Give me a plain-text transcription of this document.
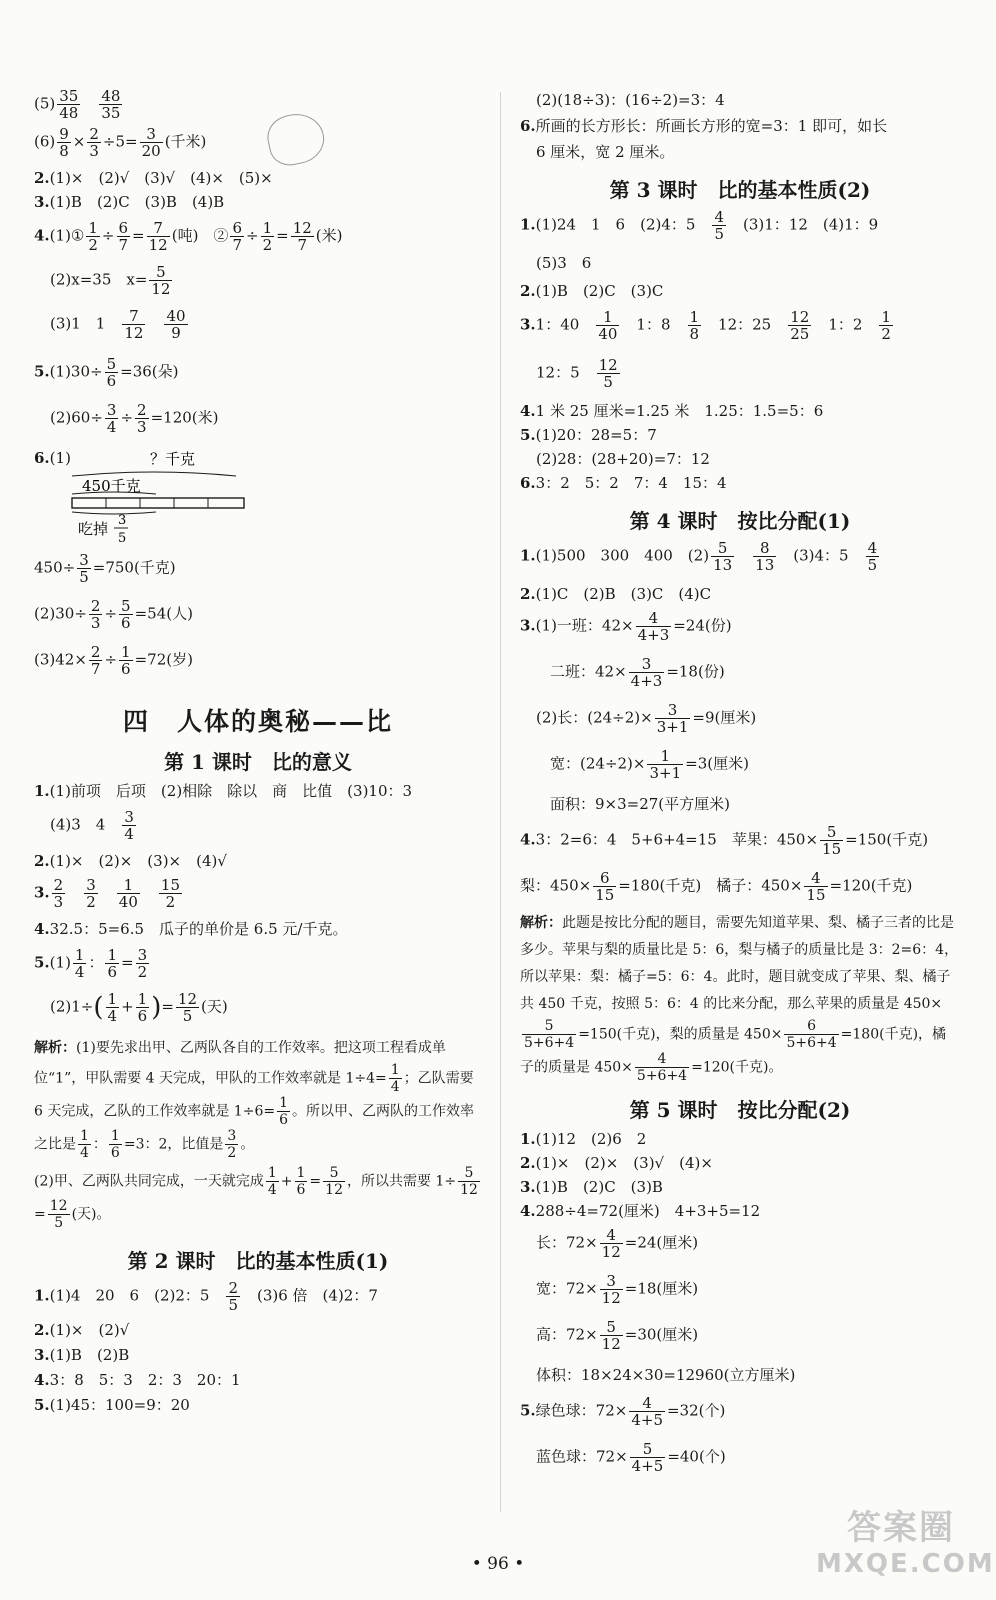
$(5) \frac{35}{48}$
　 $\frac{48}{35}$
$(6) \frac{9}{8} \times \frac{2}{3} \div 5= \frac{3}{20}$ (千米)
2.(1)×　(2)√　(3)√　(4)×　(5)×
3.(1)B　(2)C　(3)B　(4)B
4.(1)① $\frac{1}{2} \div \frac{6}{7} = \frac{7}{12}$ (吨)　② $\frac{6}{7} \div \frac{1}{2} = \frac{12}{7}$ (米)
(2)x=35　$x= \frac{5}{12}$
(3)1　1　 $\frac{7}{12}$
　 $\frac{40}{9}$
$5.(1)30\div \frac{5}{6} =36$(朵)
$(2)60\div \frac{3}{4} \div \frac{2}{3} =120$(米)
6.(1)	？千克
450千克
吃掉 3
5
$450\div \frac{3}{5} =750$(千克)
$(2)30\div \frac{2}{3} \div \frac{5}{6} =54$(人)
$(3)42\times \frac{2}{7} \div \frac{1}{6} =72$(岁)
四　人体的奥秘——比
第 1 课时　比的意义
1.(1)前项　后项　(2)相除　除以　商　比值　(3)10：3
(4)3　4　 $\frac{3}{4}$
2.(1)×　(2)×　(3)×　(4)√
3. $\frac{2}{3}$
　 $\frac{3}{2}$
　 $\frac{1}{40}$
　 $\frac{15}{2}$
4.32.5：5=6.5　瓜子的单价是 6.5 元/千克。
$5.(1) \frac{1}{4}$ ： $\frac{1}{6} = \frac{3}{2}$
$(2)1\div( \frac{1}{4} + \frac{1}{6}$ )= $\frac{12}{5}$ (天)
解析：(1)要先求出甲、乙两队各自的工作效率。把这项工程看成单位“1”，甲队需要 4 天完成，甲队的工作效率就是 $1\div 4= \frac{1}{4}$ ；乙队需要 6 天完成，乙队的工作效率就是 $1\div 6= \frac{1}{6}$ 。所以甲、乙两队的工作效率之比是 $\frac{1}{4}$ ： $\frac{1}{6} =3$：2，比值是 $\frac{3}{2}$ 。
(2)甲、乙两队共同完成，一天就完成 $\frac{1}{4} + \frac{1}{6} = \frac{5}{12}$ ，所以共需要 $1\div \frac{5}{12}$
= $\frac{12}{5}$ (天)。
第 2 课时　比的基本性质(1)
1.(1)4　20　6　(2)2：5　 $\frac{2}{5}$ 　(3)6 倍　(4)2：7
2.(1)×　(2)√
3.(1)B　(2)B
4.3：8　5：3　2：3　20：1
5.(1)45：100=9：20
(2)(18÷3)：(16÷2)=3：4
6.所画的长方形长：所画长方形的宽=3：1 即可，如长
6 厘米，宽 2 厘米。
第 3 课时　比的基本性质(2)
1.(1)24　1　6　(2)4：5　 $\frac{4}{5}$ 　(3)1：12　(4)1：9
(5)3　6
2.(1)B　(2)C　(3)C
3.1：40　 $\frac{1}{40}$ 　1：8　 $\frac{1}{8}$ 　12：25　 $\frac{12}{25}$ 　1：2　 $\frac{1}{2}$
12：5　 $\frac{12}{5}$
4.1 米 25 厘米=1.25 米　1.25：1.5=5：6
5.(1)20：28=5：7
(2)28：(28+20)=7：12
6.3：2　5：2　7：4　15：4
第 4 课时　按比分配(1)
1.(1)500　300　400　$(2) \frac{5}{13}$
　 $\frac{8}{13}$ 　(3)4：5　 $\frac{4}{5}$
2.(1)C　(2)B　(3)C　(4)C
3.(1)一班：$42\times \frac{4}{4+3} =24$(份)
二班：$42\times \frac{3}{4+3} =18$(份)
(2)长：$(24\div 2)\times \frac{3}{3+1} =9$(厘米)
宽：$(24\div 2)\times \frac{1}{3+1} =3$(厘米)
面积：9×3=27(平方厘米)
4.3：2=6：4　5+6+4=15　苹果：$450\times \frac{5}{15} =150$(千克)
梨：$450\times \frac{6}{15} =180$(千克)　橘子：$450\times \frac{4}{15} =120$(千克)
解析：此题是按比分配的题目，需要先知道苹果、梨、橘子三者的比是多少。苹果与梨的质量比是 5：6，梨与橘子的质量比是 3：2=6：4，所以苹果：梨：橘子=5：6：4。此时，题目就变成了苹果、梨、橘子共 450 千克，按照 5：6：4 的比来分配，那么苹果的质量是 450×
$\frac{5}{5+6+4} =150$(千克)，梨的质量是 $450\times \frac{6}{5+6+4} =180$(千克)，橘子的质量是 $450\times \frac{4}{5+6+4} =120$(千克)。
第 5 课时　按比分配(2)
1.(1)12　(2)6　2
2.(1)×　(2)×　(3)√　(4)×
3.(1)B　(2)C　(3)B
4.288÷4=72(厘米)　4+3+5=12
长：$72\times \frac{4}{12} =24$(厘米)
宽：$72\times \frac{3}{12} =18$(厘米)
高：$72\times \frac{5}{12} =30$(厘米)
体积：18×24×30=12960(立方厘米)
5.绿色球：$72\times \frac{4}{4+5} =32$(个)
蓝色球：$72\times \frac{5}{4+5} =40$(个)
• 96 •
答案圈
MXQE.COM
